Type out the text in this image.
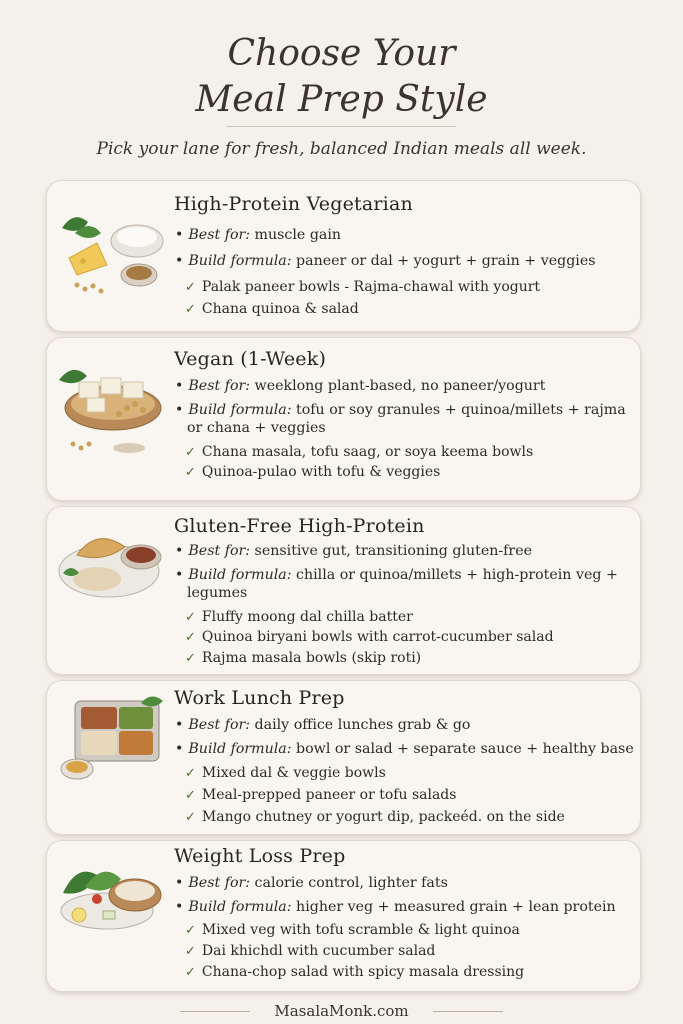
Choose Your
Meal Prep Style
Pick your lane for fresh, balanced Indian meals all week.
High-Protein Vegetarian
• Best for: muscle gain
• Build formula: paneer or dal + yogurt + grain + veggies
✓ Palak paneer bowls - Rajma-chawal with yogurt
✓ Chana quinoa & salad
Vegan (1-Week)
• Best for: weeklong plant-based, no paneer/yogurt
• Build formula: tofu or soy granules + quinoa/millets + rajma
or chana + veggies
✓ Chana masala, tofu saag, or soya keema bowls
✓ Quinoa-pulao with tofu & veggies
Gluten-Free High-Protein
• Best for: sensitive gut, transitioning gluten-free
• Build formula: chilla or quinoa/millets + high-protein veg +
legumes
✓ Fluffy moong dal chilla batter
✓ Quinoa biryani bowls with carrot-cucumber salad
✓ Rajma masala bowls (skip roti)
Work Lunch Prep
• Best for: daily office lunches grab & go
• Build formula: bowl or salad + separate sauce + healthy base
✓ Mixed dal & veggie bowls
✓ Meal-prepped paneer or tofu salads
✓ Mango chutney or yogurt dip, packeéd. on the side
Weight Loss Prep
• Best for: calorie control, lighter fats
• Build formula: higher veg + measured grain + lean protein
✓ Mixed veg with tofu scramble & light quinoa
✓ Dai khichdl with cucumber salad
✓ Chana-chop salad with spicy masala dressing
MasalaMonk.com
